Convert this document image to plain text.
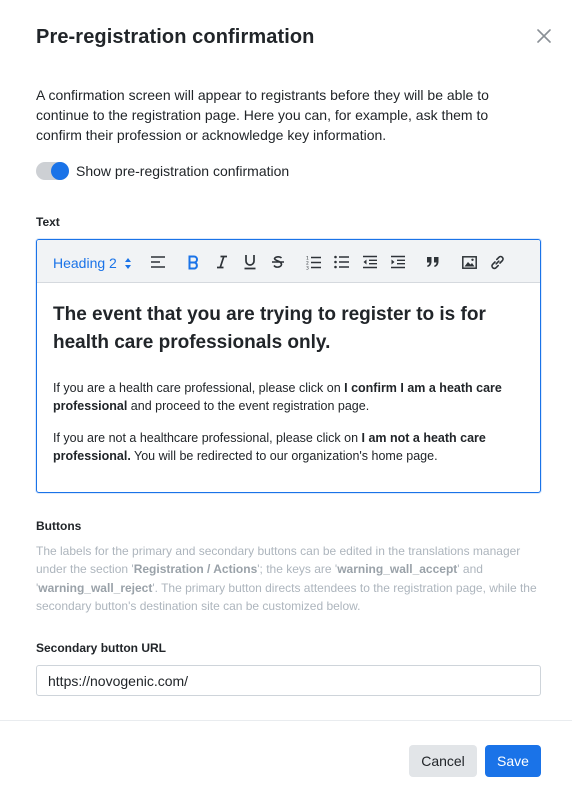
Pre-registration confirmation
A confirmation screen will appear to registrants before they will be able to continue to the registration page. Here you can, for example, ask them to confirm their profession or acknowledge key information.
Show pre-registration confirmation
Text
Heading 2	1
2
3
The event that you are trying to register to is for health care professionals only.

If you are a health care professional, please click on I confirm I am a heath care professional and proceed to the event registration page.

If you are not a healthcare professional, please click on I am not a heath care professional. You will be redirected to our organization's home page.

Buttons
The labels for the primary and secondary buttons can be edited in the translations manager under the section 'Registration / Actions'; the keys are 'warning_wall_accept' and 'warning_wall_reject'. The primary button directs attendees to the registration page, while the secondary button's destination site can be customized below.
Secondary button URL
https://novogenic.com/
Cancel	Save
